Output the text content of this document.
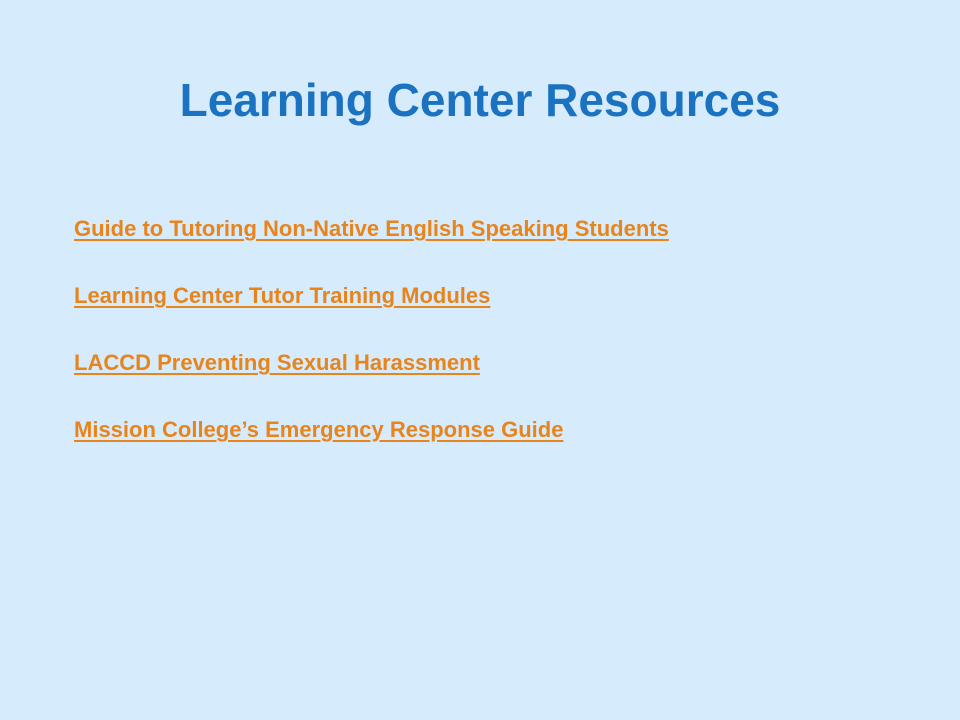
Learning Center Resources
Guide to Tutoring Non-Native English Speaking Students
Learning Center Tutor Training Modules
LACCD Preventing Sexual Harassment
Mission College’s Emergency Response Guide
